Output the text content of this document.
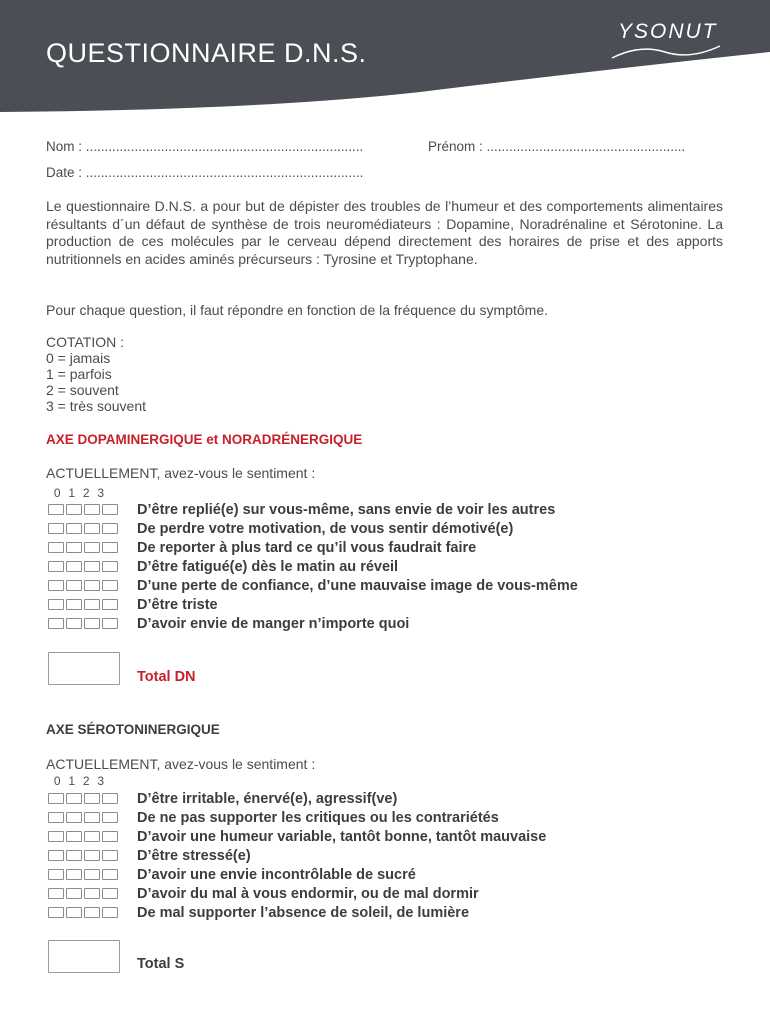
QUESTIONNAIRE D.N.S.
YSONUT
Nom : ..........................................................................	Prénom : .....................................................
Date : ..........................................................................

Le questionnaire D.N.S. a pour but de dépister des troubles de l’humeur et des comportements alimentaires résultants d´un défaut de synthèse de trois neuromédiateurs : Dopamine, Noradrénaline et Sérotonine. La production de ces molécules par le cerveau dépend directement des horaires de prise et des apports nutritionnels en acides aminés précurseurs : Tyrosine et Tryptophane.

Pour chaque question, il faut répondre en fonction de la fréquence du symptôme.

COTATION :

0 = jamais
1 = parfois
2 = souvent
3 = très souvent
AXE DOPAMINERGIQUE et NORADRÉNERGIQUE
ACTUELLEMENT, avez-vous le sentiment :
0 1 2 3
D’être replié(e) sur vous-même, sans envie de voir les autres
De perdre votre motivation, de vous sentir démotivé(e)
De reporter à plus tard ce qu’il vous faudrait faire
D’être fatigué(e) dès le matin au réveil
D’une perte de confiance, d’une mauvaise image de vous-même
D’être triste
D’avoir envie de manger n’importe quoi
Total DN
AXE SÉROTONINERGIQUE
ACTUELLEMENT, avez-vous le sentiment :
0 1 2 3
D’être irritable, énervé(e), agressif(ve)
De ne pas supporter les critiques ou les contrariétés
D’avoir une humeur variable, tantôt bonne, tantôt mauvaise
D’être stressé(e)
D’avoir une envie incontrôlable de sucré
D’avoir du mal à vous endormir, ou de mal dormir
De mal supporter l’absence de soleil, de lumière
Total S
